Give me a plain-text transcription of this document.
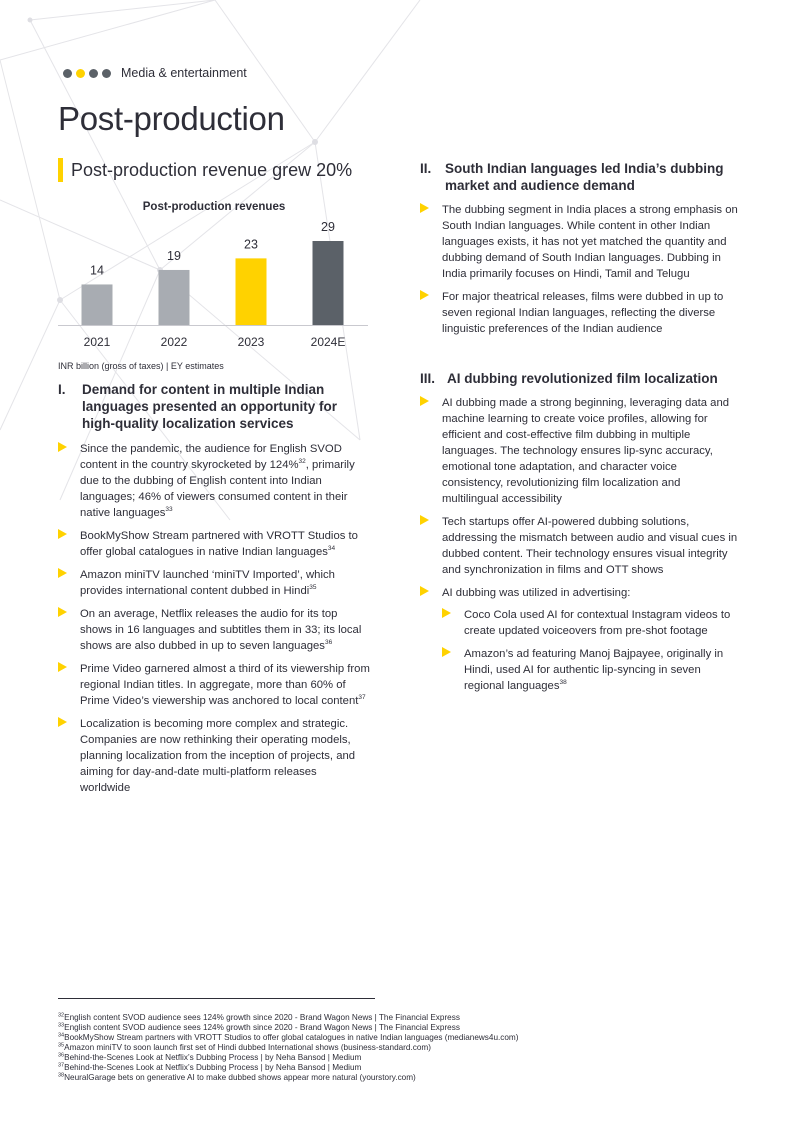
Media & entertainment
Post-production
Post-production revenue grew 20%
14
2021
19
2022
23
2023
29
2024E
Post-production revenues
INR billion (gross of taxes) | EY estimates
I.	Demand for content in multiple Indian languages presented an opportunity for high-quality localization services
Since the pandemic, the audience for English SVOD content in the country skyrocketed by 124%$^{32}$, primarily due to the dubbing of English content into Indian languages; 46% of viewers consumed content in their native languages$^{33}$
BookMyShow Stream partnered with VROTT Studios to offer global catalogues in native Indian languages$^{34}$
Amazon miniTV launched ‘miniTV Imported’, which provides international content dubbed in Hindi$^{35}$
On an average, Netflix releases the audio for its top shows in 16 languages and subtitles them in 33; its local shows are also dubbed in up to seven languages$^{36}$
Prime Video garnered almost a third of its viewership from regional Indian titles. In aggregate, more than 60% of Prime Video’s viewership was anchored to local content$^{37}$
Localization is becoming more complex and strategic. Companies are now rethinking their operating models, planning localization from the inception of projects, and aiming for day-and-date multi-platform releases worldwide
II.	South Indian languages led India’s dubbing market and audience demand
The dubbing segment in India places a strong emphasis on South Indian languages. While content in other Indian languages exists, it has not yet matched the quantity and dubbing demand of South Indian languages. Dubbing in India primarily focuses on Hindi, Tamil and Telugu
For major theatrical releases, films were dubbed in up to seven regional Indian languages, reflecting the diverse linguistic preferences of the Indian audience
III. AI dubbing revolutionized film localization
AI dubbing made a strong beginning, leveraging data and machine learning to create voice profiles, allowing for efficient and cost-effective film dubbing in multiple languages. The technology ensures lip-sync accuracy, emotional tone adaptation, and character voice consistency, revolutionizing film localization and multilingual accessibility
Tech startups offer AI-powered dubbing solutions, addressing the mismatch between audio and visual cues in dubbed content. Their technology ensures visual integrity and synchronization in films and OTT shows
AI dubbing was utilized in advertising:
Coco Cola used AI for contextual Instagram videos to create updated voiceovers from pre-shot footage
Amazon’s ad featuring Manoj Bajpayee, originally in Hindi, used AI for authentic lip-syncing in seven regional languages$^{38}$
$^{32}$English content SVOD audience sees 124% growth since 2020 - Brand Wagon News | The Financial Express
$^{33}$English content SVOD audience sees 124% growth since 2020 - Brand Wagon News | The Financial Express
$^{34}$BookMyShow Stream partners with VROTT Studios to offer global catalogues in native Indian languages (medianews4u.com)
$^{35}$Amazon miniTV to soon launch first set of Hindi dubbed International shows (business-standard.com)
$^{36}$Behind-the-Scenes Look at Netflix’s Dubbing Process | by Neha Bansod | Medium
$^{37}$Behind-the-Scenes Look at Netflix’s Dubbing Process | by Neha Bansod | Medium
$^{38}$NeuralGarage bets on generative AI to make dubbed shows appear more natural (yourstory.com)
